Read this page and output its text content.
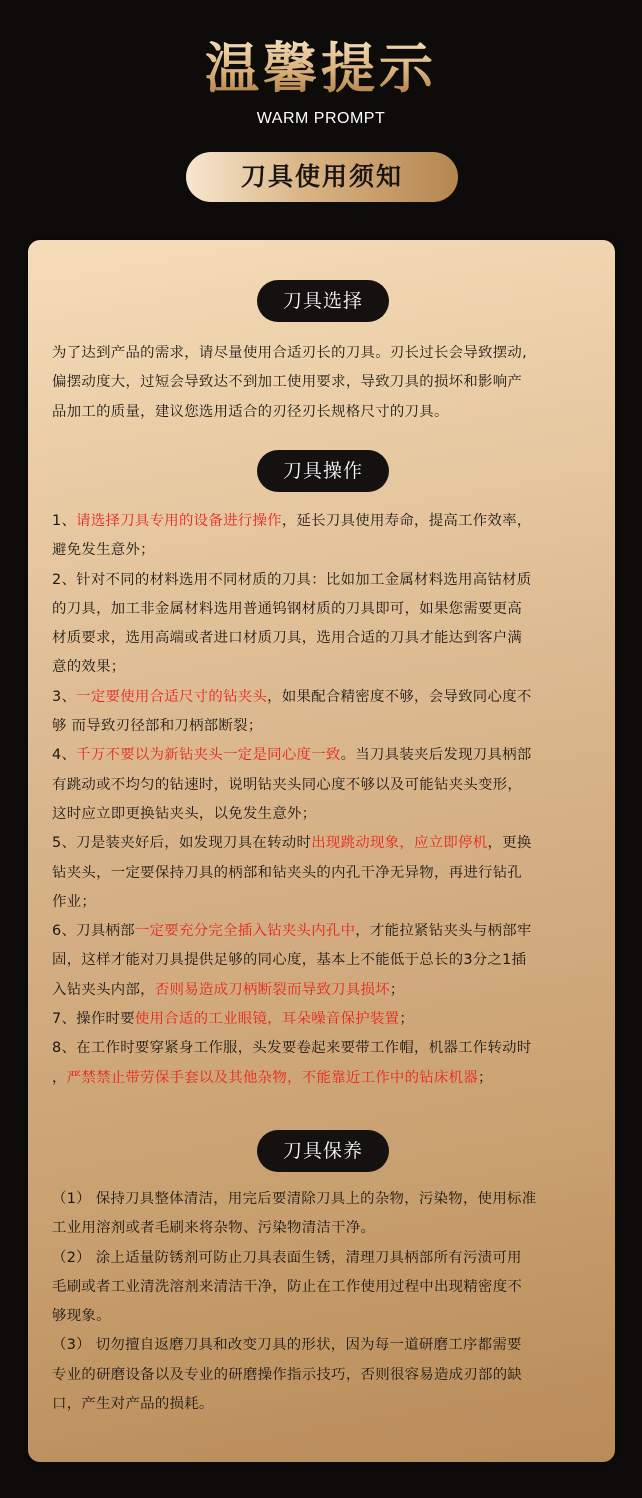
温馨提示
WARM PROMPT
刀具使用须知
刀具选择
为了达到产品的需求，请尽量使用合适刃长的刀具。刃长过长会导致摆动,
偏摆动度大，过短会导致达不到加工使用要求，导致刀具的损坏和影响产
品加工的质量，建议您选用适合的刃径刃长规格尺寸的刀具。
刀具操作
1、请选择刀具专用的设备进行操作，延长刀具使用寿命，提高工作效率，
避免发生意外；
2、针对不同的材料选用不同材质的刀具：比如加工金属材料选用高钴材质
的刀具，加工非金属材料选用普通钨钢材质的刀具即可，如果您需要更高
材质要求，选用高端或者进口材质刀具，选用合适的刀具才能达到客户满
意的效果；
3、一定要使用合适尺寸的钻夹头，如果配合精密度不够，会导致同心度不
够 而导致刃径部和刀柄部断裂；
4、千万不要以为新钻夹头一定是同心度一致。当刀具装夹后发现刀具柄部
有跳动或不均匀的钻速时，说明钻夹头同心度不够以及可能钻夹头变形，
这时应立即更换钻夹头，以免发生意外；
5、刀是装夹好后，如发现刀具在转动时出现跳动现象，应立即停机，更换
钻夹头，一定要保持刀具的柄部和钻夹头的内孔干净无异物，再进行钻孔
作业；
6、刀具柄部一定要充分完全插入钻夹头内孔中，才能拉紧钻夹头与柄部牢
固，这样才能对刀具提供足够的同心度，基本上不能低于总长的3分之1插
入钻夹头内部，否则易造成刀柄断裂而导致刀具损坏；
7、操作时要使用合适的工业眼镜，耳朵噪音保护装置；
8、在工作时要穿紧身工作服，头发要卷起来要带工作帽，机器工作转动时
，严禁禁止带劳保手套以及其他杂物，不能靠近工作中的钻床机器；
刀具保养
（1） 保持刀具整体清洁，用完后要清除刀具上的杂物，污染物，使用标准
工业用溶剂或者毛刷来将杂物、污染物清洁干净。
（2） 涂上适量防锈剂可防止刀具表面生锈，清理刀具柄部所有污渍可用
毛刷或者工业清洗溶剂来清洁干净，防止在工作使用过程中出现精密度不
够现象。
（3） 切勿擅自返磨刀具和改变刀具的形状，因为每一道研磨工序都需要
专业的研磨设备以及专业的研磨操作指示技巧，否则很容易造成刃部的缺
口，产生对产品的损耗。
